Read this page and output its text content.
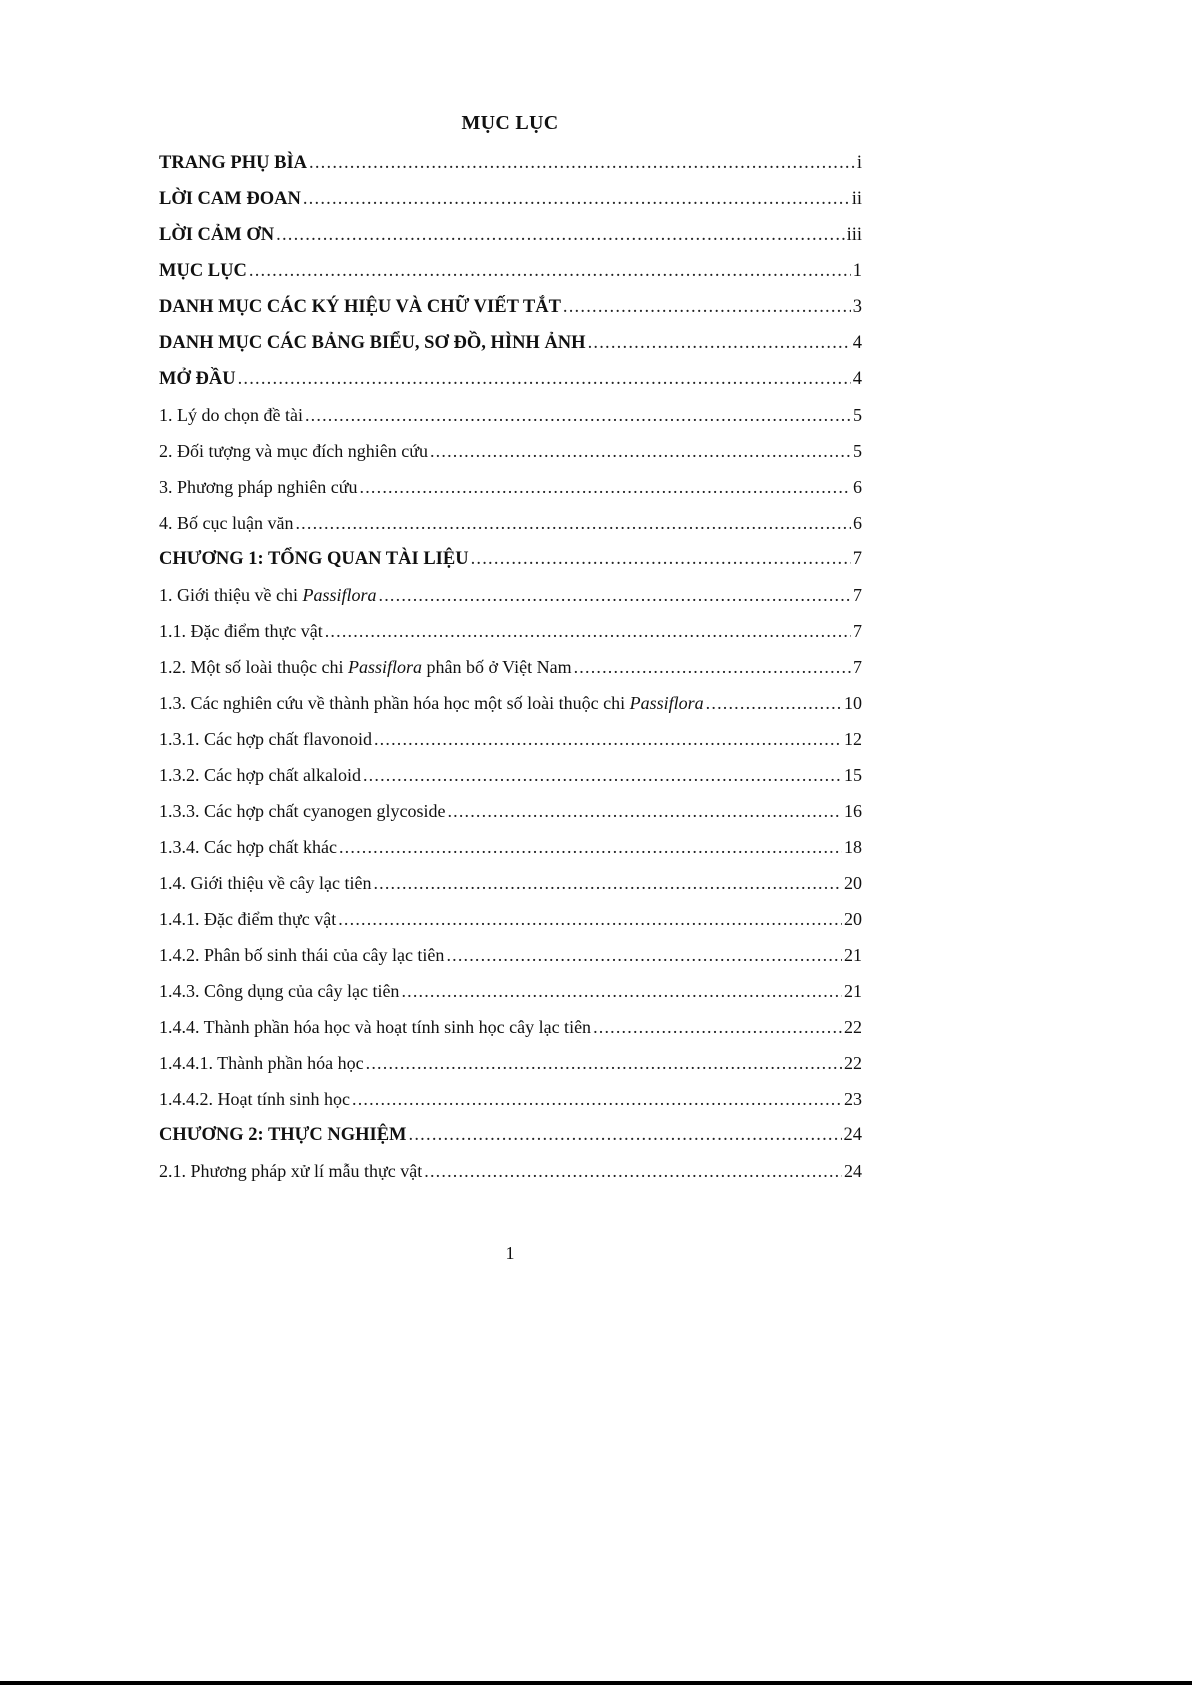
MỤC LỤC
TRANG PHỤ BÌA .....	i
LỜI CAM ĐOAN .....	ii
LỜI CẢM ƠN .....	iii
MỤC LỤC .....	1
DANH MỤC CÁC KÝ HIỆU VÀ CHỮ VIẾT TẮT .....	3
DANH MỤC CÁC BẢNG BIỂU, SƠ ĐỒ, HÌNH ẢNH .....	4
MỞ ĐẦU .....	4
1. Lý do chọn đề tài .....	5
2. Đối tượng và mục đích nghiên cứu .....	5
3. Phương pháp nghiên cứu .....	6
4. Bố cục luận văn .....	6
CHƯƠNG 1: TỔNG QUAN TÀI LIỆU .....	7
1. Giới thiệu về chi Passiflora .....	7
1.1. Đặc điểm thực vật .....	7
1.2. Một số loài thuộc chi Passiflora phân bố ở Việt Nam .....	7
1.3. Các nghiên cứu về thành phần hóa học một số loài thuộc chi Passiflora .....	10
1.3.1. Các hợp chất flavonoid .....	12
1.3.2. Các hợp chất alkaloid .....	15
1.3.3. Các hợp chất cyanogen glycoside .....	16
1.3.4. Các hợp chất khác .....	18
1.4. Giới thiệu về cây lạc tiên .....	20
1.4.1. Đặc điểm thực vật .....	20
1.4.2. Phân bố sinh thái của cây lạc tiên .....	21
1.4.3. Công dụng của cây lạc tiên .....	21
1.4.4. Thành phần hóa học và hoạt tính sinh học cây lạc tiên .....	22
1.4.4.1. Thành phần hóa học .....	22
1.4.4.2. Hoạt tính sinh học .....	23
CHƯƠNG 2: THỰC NGHIỆM .....	24
2.1. Phương pháp xử lí mẫu thực vật .....	24
1
